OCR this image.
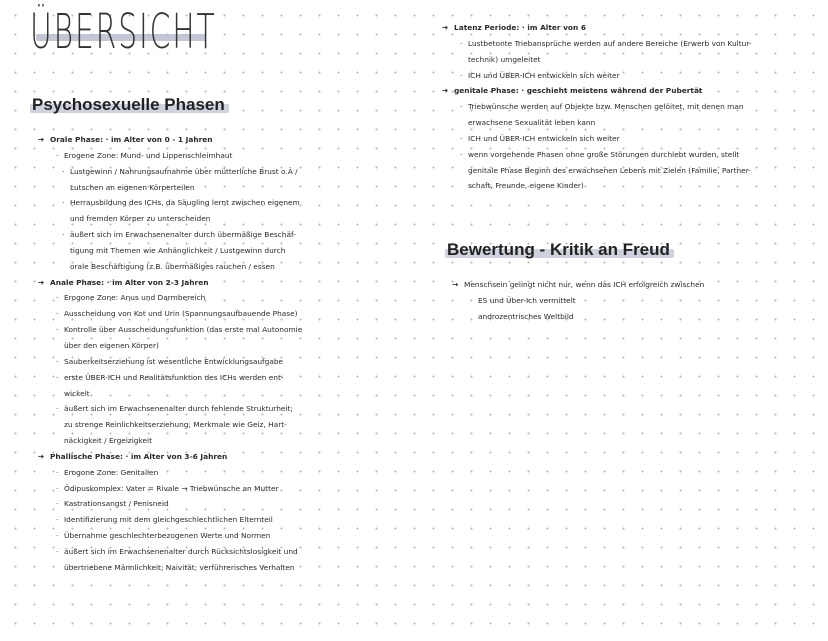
ÜBERSICHT
Psychosexuelle Phasen
➔ Orale Phase: · im Alter von 0 - 1 Jahren
· Erogene Zone: Mund- und Lippenschleimhaut
· Lustgewinn / Nahrungsaufnahme über mütterliche Brust o.Ä /
Lutschen an eigenen Körperteilen
· Herrausbildung des ICHs, da Säugling lernt zwischen eigenem
und fremden Körper zu unterscheiden
· äußert sich im Erwachsenenalter durch übermäßige Beschäf-
tigung mit Themen wie Anhänglichkeit / Lustgewinn durch
orale Beschäftigung (z.B. übermäßiges rauchen / essen
➔ Anale Phase: · im Alter von 2-3 Jahren
· Erogone Zone: Anus und Darmbereich
· Ausscheidung von Kot und Urin (Spannungsaufbauende Phase)
· Kontrolle über Ausscheidungsfunktion (das erste mal Autonomie
über den eigenen Körper)
· Sauberkeitserziehung ist wesentliche Entwicklungsaufgabe
· erste ÜBER-ICH und Realitätsfunktion des ICHs werden ent-
wickelt
· äußert sich im Erwachsenenalter durch fehlende Strukturheit;
zu strenge Reinlichkeitserziehung; Merkmale wie Geiz, Hart-
näckigkeit / Ergeizigkeit
➔ Phallische Phase: · im Alter von 3-6 Jahren
· Erogone Zone: Genitalien
· Ödipuskomplex: Vater = Rivale → Triebwünsche an Mutter
· Kastrationsangst / Penisneid
· Identifizierung mit dem gleichgeschlechtlichen Elternteil
· Übernahme geschlechterbezogenen Werte und Normen
· äußert sich im Erwachsenenalter durch Rücksichtslosigkeit und
übertriebene Männlichkeit; Naivität; verführerisches Verhalten
➔ Latenz Periode: · im Alter von 6
· Lustbetonte Triebansprüche werden auf andere Bereiche (Erwerb von Kultur-
technik) umgeleitet
· ICH und ÜBER-ICH entwickeln sich weiter
➔ genitale Phase: · geschieht meistens während der Pubertät
· Triebwünsche werden auf Objekte bzw. Menschen gelöitet, mit denen man
erwachsene Sexualität leben kann
· ICH und ÜBER-ICH entwickeln sich weiter
· wenn vorgehende Phasen ohne große Störungen durchlebt wurden, stellt
genitale Phase Beginn des erwachsenen Lebens mit Zielen (Familie, Partner-
schaft, Freunde, eigene Kinder)
Bewertung - Kritik an Freud
→ Menschsein gelingt nicht nur, wenn das ICH erfolgreich zwischen
ES und Über-Ich vermittelt
androzentrisches Weltbild
